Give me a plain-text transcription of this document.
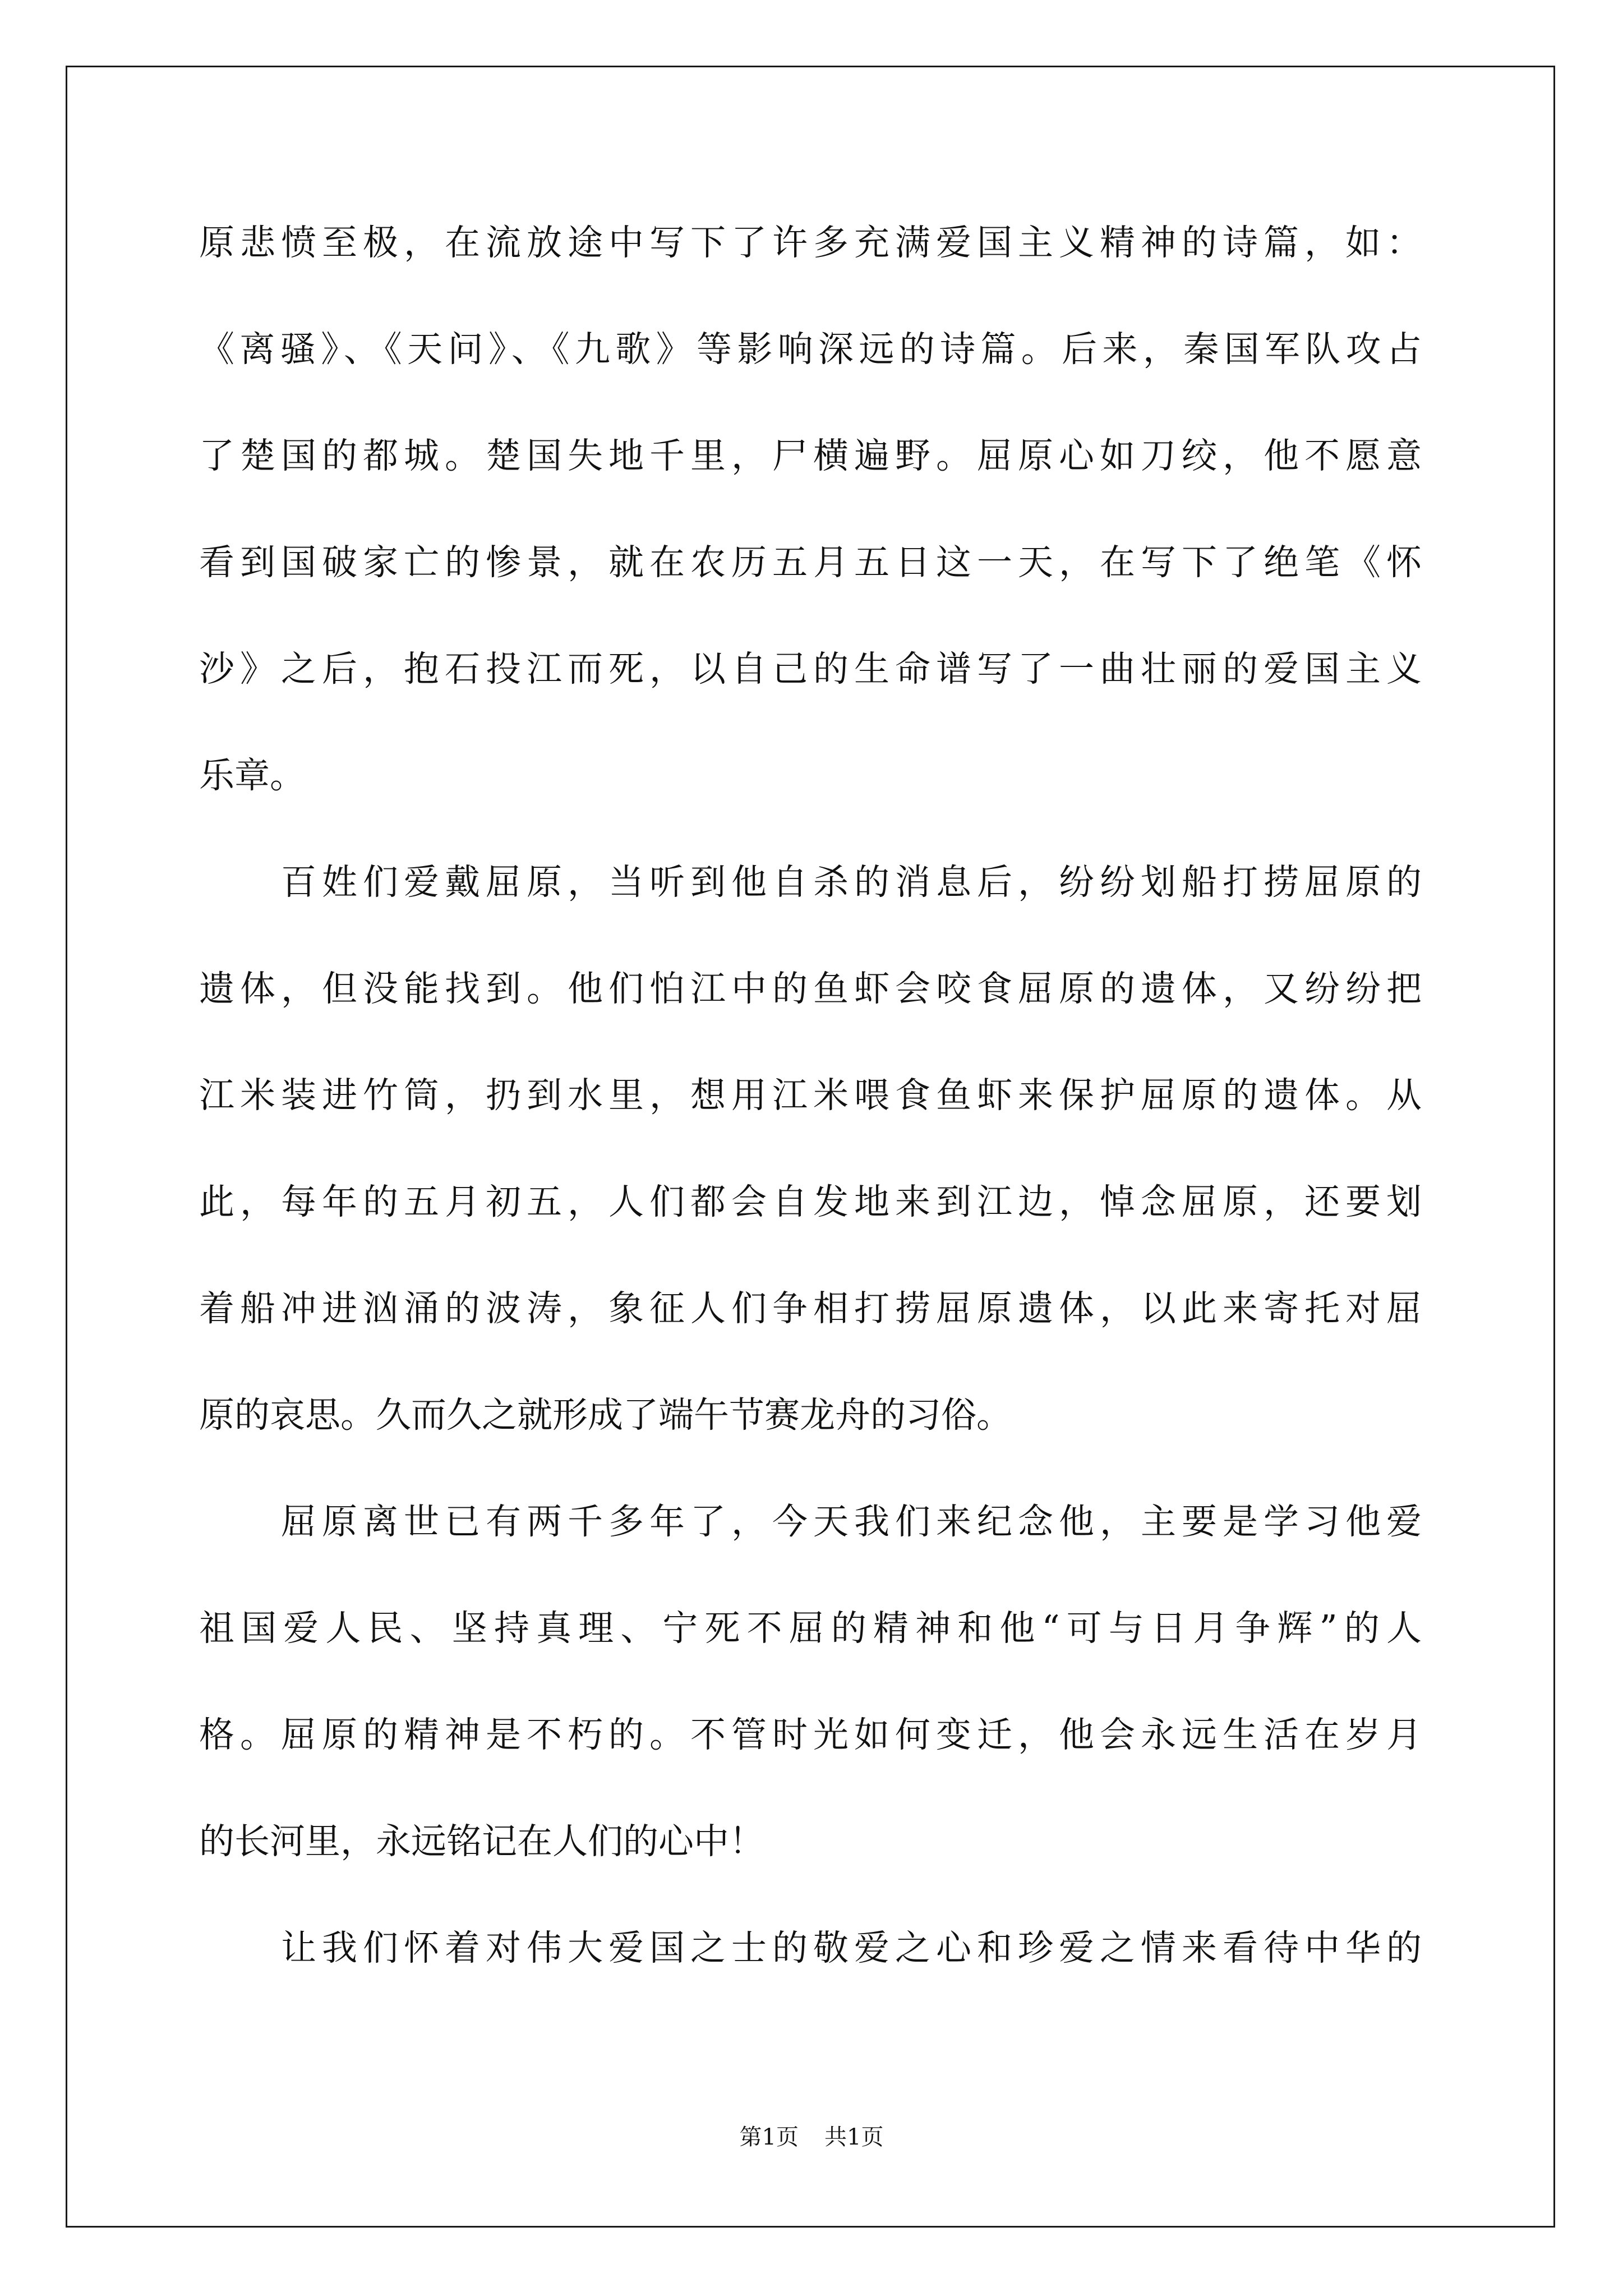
原悲愤至极，在流放途中写下了许多充满爱国主义精神的诗篇，如：
《离骚》、《天问》、《九歌》等影响深远的诗篇。后来，秦国军队攻占
了楚国的都城。楚国失地千里，尸横遍野。屈原心如刀绞，他不愿意
看到国破家亡的惨景，就在农历五月五日这一天，在写下了绝笔《怀
沙》之后，抱石投江而死，以自己的生命谱写了一曲壮丽的爱国主义
乐章。
百姓们爱戴屈原，当听到他自杀的消息后，纷纷划船打捞屈原的
遗体，但没能找到。他们怕江中的鱼虾会咬食屈原的遗体，又纷纷把
江米装进竹筒，扔到水里，想用江米喂食鱼虾来保护屈原的遗体。从
此，每年的五月初五，人们都会自发地来到江边，悼念屈原，还要划
着船冲进汹涌的波涛，象征人们争相打捞屈原遗体，以此来寄托对屈
原的哀思。久而久之就形成了端午节赛龙舟的习俗。
屈原离世已有两千多年了，今天我们来纪念他，主要是学习他爱
祖国爱人民、坚持真理、宁死不屈的精神和他“可与日月争辉”的人
格。屈原的精神是不朽的。不管时光如何变迁，他会永远生活在岁月
的长河里，永远铭记在人们的心中！
让我们怀着对伟大爱国之士的敬爱之心和珍爱之情来看待中华的
第1页 共1页
